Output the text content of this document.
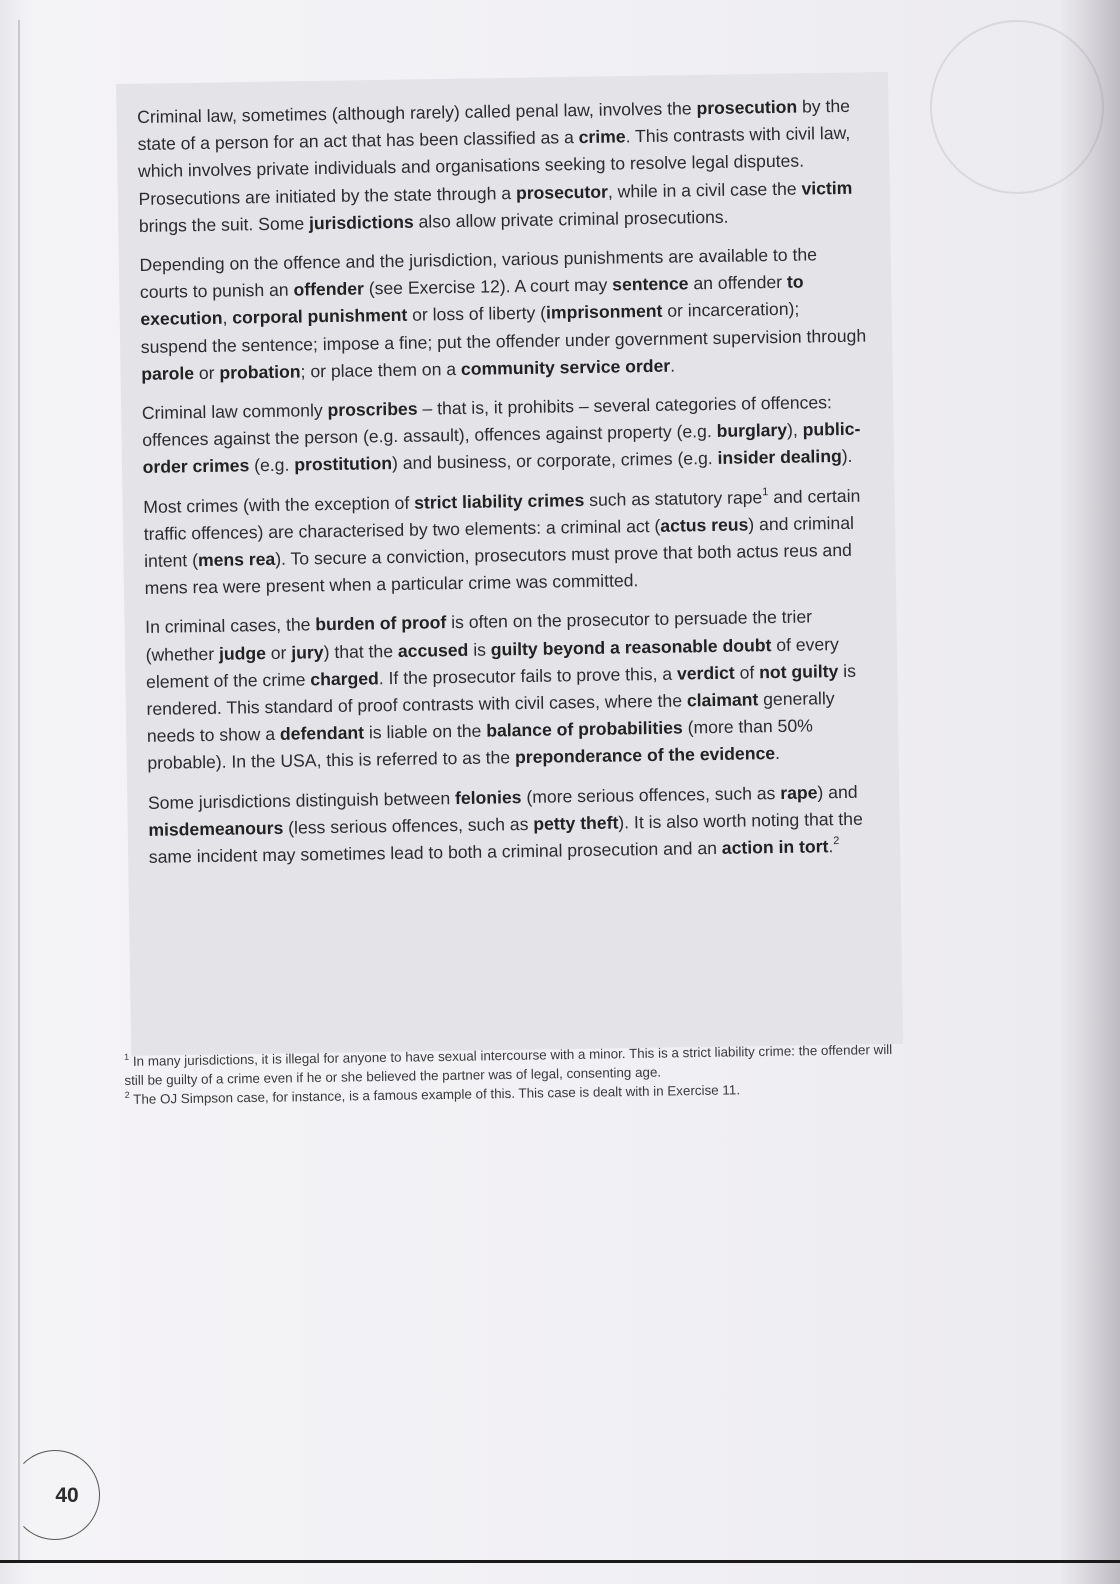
Criminal law, sometimes (although rarely) called penal law, involves the prosecution by the state of a person for an act that has been classified as a crime. This contrasts with civil law, which involves private individuals and organisations seeking to resolve legal disputes. Prosecutions are initiated by the state through a prosecutor, while in a civil case the victim brings the suit. Some jurisdictions also allow private criminal prosecutions.

Depending on the offence and the jurisdiction, various punishments are available to the courts to punish an offender (see Exercise 12). A court may sentence an offender to execution, corporal punishment or loss of liberty (imprisonment or incarceration); suspend the sentence; impose a fine; put the offender under government supervision through parole or probation; or place them on a community service order.

Criminal law commonly proscribes – that is, it prohibits – several categories of offences: offences against the person (e.g. assault), offences against property (e.g. burglary), public-order crimes (e.g. prostitution) and business, or corporate, crimes (e.g. insider dealing).

Most crimes (with the exception of strict liability crimes such as statutory rape$^1$ and certain traffic offences) are characterised by two elements: a criminal act (actus reus) and criminal intent (mens rea). To secure a conviction, prosecutors must prove that both actus reus and mens rea were present when a particular crime was committed.

In criminal cases, the burden of proof is often on the prosecutor to persuade the trier (whether judge or jury) that the accused is guilty beyond a reasonable doubt of every element of the crime charged. If the prosecutor fails to prove this, a verdict of not guilty is rendered. This standard of proof contrasts with civil cases, where the claimant generally needs to show a defendant is liable on the balance of probabilities (more than 50% probable). In the USA, this is referred to as the preponderance of the evidence.

Some jurisdictions distinguish between felonies (more serious offences, such as rape) and misdemeanours (less serious offences, such as petty theft). It is also worth noting that the same incident may sometimes lead to both a criminal prosecution and an action in tort.$^2$

$^1$ In many jurisdictions, it is illegal for anyone to have sexual intercourse with a minor. This is a strict liability crime: the offender will still be guilty of a crime even if he or she believed the partner was of legal, consenting age.

$^2$ The OJ Simpson case, for instance, is a famous example of this. This case is dealt with in Exercise 11.

40
